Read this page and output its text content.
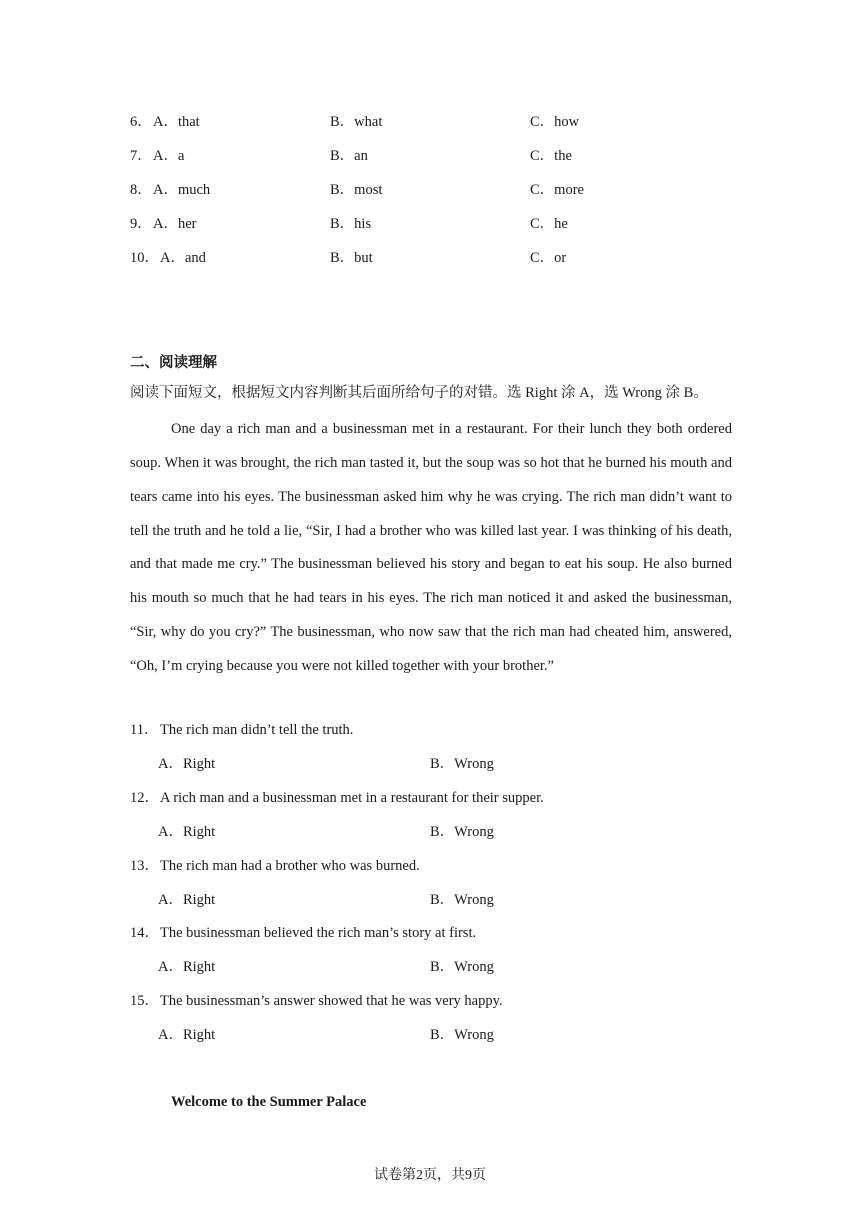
6． A．that	B．what	C．how
7． A．a	B．an	C．the
8． A．much	B．most	C．more
9． A．her	B．his	C．he
10． A．and	B．but	C．or
二、阅读理解
阅读下面短文，根据短文内容判断其后面所给句子的对错。选 Right 涂 A，选 Wrong 涂 B。

One day a rich man and a businessman met in a restaurant. For their lunch they both ordered soup. When it was brought, the rich man tasted it, but the soup was so hot that he burned his mouth and tears came into his eyes. The businessman asked him why he was crying. The rich man didn’t want to tell the truth and he told a lie, “Sir, I had a brother who was killed last year. I was thinking of his death, and that made me cry.” The businessman believed his story and began to eat his soup. He also burned his mouth so much that he had tears in his eyes. The rich man noticed it and asked the businessman, “Sir, why do you cry?” The businessman, who now saw that the rich man had cheated him, answered, “Oh, I’m crying because you were not killed together with your brother.”

11． The rich man didn’t tell the truth.
A．Right	B．Wrong
12． A rich man and a businessman met in a restaurant for their supper.
A．Right	B．Wrong
13． The rich man had a brother who was burned.
A．Right	B．Wrong
14． The businessman believed the rich man’s story at first.
A．Right	B．Wrong
15． The businessman’s answer showed that he was very happy.
A．Right	B．Wrong
Welcome to the Summer Palace
试卷第2页，共9页
